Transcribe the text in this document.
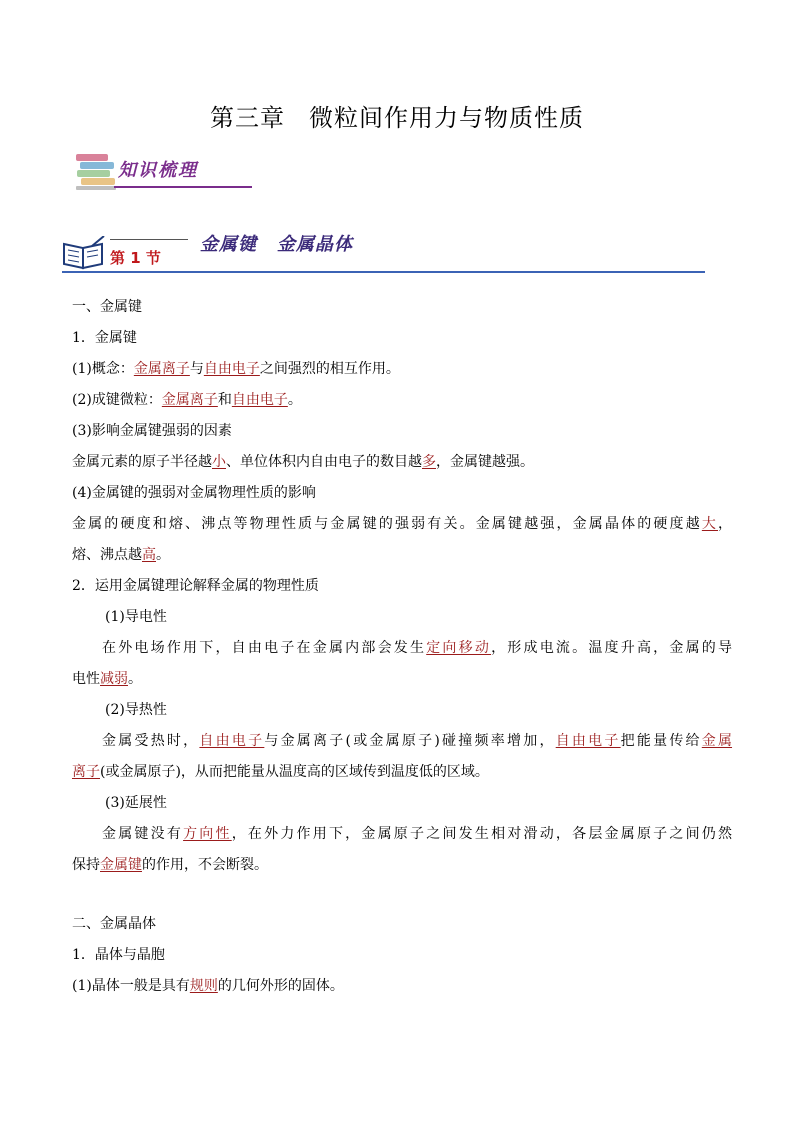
第三章 微粒间作用力与物质性质
知识梳理
第 1 节
金属键 金属晶体
一、金属键
1．金属键
(1)概念：金属离子与自由电子之间强烈的相互作用。
(2)成键微粒：金属离子和自由电子。
(3)影响金属键强弱的因素
金属元素的原子半径越小、单位体积内自由电子的数目越多，金属键越强。
(4)金属键的强弱对金属物理性质的影响
金属的硬度和熔、沸点等物理性质与金属键的强弱有关。金属键越强，金属晶体的硬度越大，
熔、沸点越高。
2．运用金属键理论解释金属的物理性质
(1)导电性
在外电场作用下，自由电子在金属内部会发生定向移动，形成电流。温度升高，金属的导
电性减弱。
(2)导热性
金属受热时，自由电子与金属离子(或金属原子)碰撞频率增加，自由电子把能量传给金属
离子(或金属原子)，从而把能量从温度高的区域传到温度低的区域。
(3)延展性
金属键没有方向性，在外力作用下，金属原子之间发生相对滑动，各层金属原子之间仍然
保持金属键的作用，不会断裂。
二、金属晶体
1．晶体与晶胞
(1)晶体一般是具有规则的几何外形的固体。
